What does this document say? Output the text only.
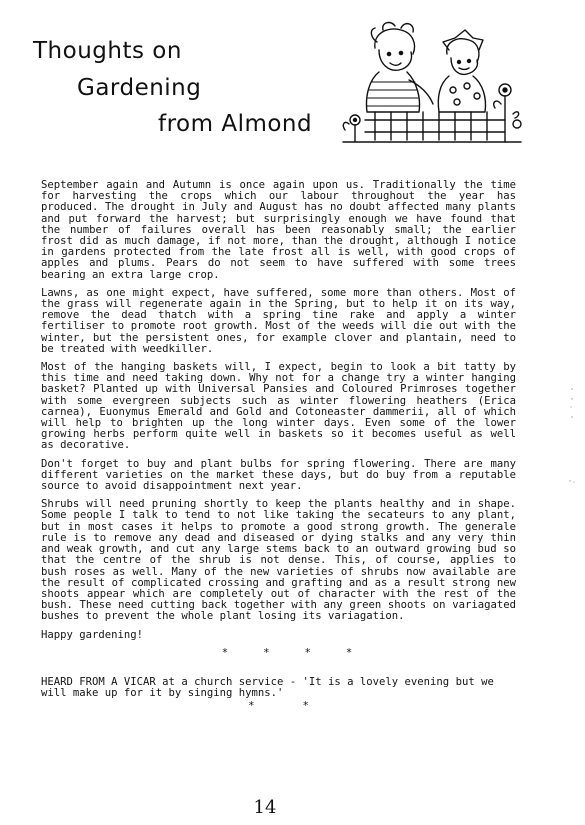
Thoughts on
Gardening
from Almond

September again and Autumn is once again upon us. Traditionally the time for harvesting the crops which our labour throughout the year has produced. The drought in July and August has no doubt affected many plants and put forward the harvest; but surprisingly enough we have found that the number of failures overall has been reasonably small; the earlier frost did as much damage, if not more, than the drought, although I notice in gardens protected from the late frost all is well, with good crops of apples and plums. Pears do not seem to have suffered with some trees bearing an extra large crop.

Lawns, as one might expect, have suffered, some more than others. Most of the grass will regenerate again in the Spring, but to help it on its way, remove the dead thatch with a spring tine rake and apply a winter fertiliser to promote root growth. Most of the weeds will die out with the winter, but the persistent ones, for example clover and plantain, need to be treated with weedkiller.

Most of the hanging baskets will, I expect, begin to look a bit tatty by this time and need taking down. Why not for a change try a winter hanging basket? Planted up with Universal Pansies and Coloured Primroses together with some evergreen subjects such as winter flowering heathers (Erica carnea), Euonymus Emerald and Gold and Cotoneaster dammerii, all of which will help to brighten up the long winter days. Even some of the lower growing herbs perform quite well in baskets so it becomes useful as well as decorative.

Don't forget to buy and plant bulbs for spring flowering. There are many different varieties on the market these days, but do buy from a reputable source to avoid disappointment next year.

Shrubs will need pruning shortly to keep the plants healthy and in shape. Some people I talk to tend to not like taking the secateurs to any plant, but in most cases it helps to promote a good strong growth. The generale rule is to remove any dead and diseased or dying stalks and any very thin and weak growth, and cut any large stems back to an outward growing bud so that the centre of the shrub is not dense. This, of course, applies to bush roses as well. Many of the new varieties of shrubs now available are the result of complicated crossing and grafting and as a result strong new shoots appear which are completely out of character with the rest of the bush. These need cutting back together with any green shoots on variagated bushes to prevent the whole plant losing its variagation.

Happy gardening!

*	*	*	*

HEARD FROM A VICAR at a church service - 'It is a lovely evening but we will make up for it by singing hymns.'

*	*
14
